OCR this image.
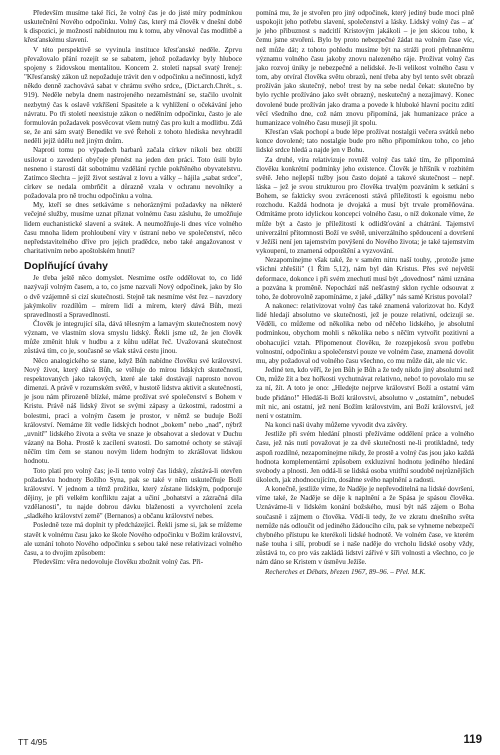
Především musíme také říci, že volný čas je do jisté míry podmínkou uskutečnění Nového odpočinku. Volný čas, který má člověk v dnešní době k dispozici, je možností nabídnutou mu k tomu, aby věnoval čas modlitbě a křesťanskému slavení.

V této perspektivě se vyvinula instituce křesťanské neděle. Zprvu převažovalo přání rozejít se se sabatem, jehož požadavky byly hluboce spojeny s židovskou mentalitou. Koncem 2. století napsal svatý Irenej: "Křesťanský zákon už nepožaduje trávit den v odpočinku a nečinnosti, když někdo denně zachovává sabat v chrámu svého srdce„ (Dict.arch.Chrét., s. 919). Neděle nebyla dnem nastrojeného nezaměstnání se, stačilo uvolnit nezbytný čas k oslavě vzkříšení Spasitele a k vyhlížení o očekávání jeho návratu. Po tři století neexistuje zákon o nedělním odpočinku, často je ale formulován požadavek posvěcovat všem nutný čas pro kult a modlitbu. Zdá se, že ani sám svatý Benedikt ve své Řeholi z tohoto hlediska nevyhradil neděli jejíž údělu než jiným dnům.

Naproti tomu po výpadech barbarů začala církev nikoli bez obtíží usilovat o zavedení obyčeje přenést na jeden den práci. Toto úsilí bylo nesneno i starostí dát sobotnímu vzdělání rychle pokřtěného obyvatelstvu. Zatímco šlechta – jejíž život sestával z lovu a války – hájila „sabat srdce", církev se nedala ombrňčit a důrazně vzala v ochranu nevolníky a požadovala pro ně trochu odpočinku a volna.

My, kteří se dnes setkáváme s nehoráznými požadavky na některé večejné služby, musíme uznat přiznat volnému času zásluhu, že umožňuje lidem euchanistické slavení a svátek. A neumožňuje-li dnes více volného času mnoha lidem prohloubení víry v ústraní nebo ve společenství, něco nepředstavitelného dříve pro jejich pradědce, nebo také angažovanost v charitativním nebo apoštolském hnutí?

Doplňující úvahy

Je třeba ještě něco domyslet. Nesmíme ostře oddělovat to, co lidé nazývají volným časem, a to, co jsme nazvali Nový odpočinek, jako by šlo o dvě vzájemně si cizí skutečnosti. Stejně tak nesmíme vést řez – navzdory jakýmkoliv rozdílům – mírem lidí a mírem, který dává Bůh, mezi spravedlností a Spravedlností.

Člověk je integrující síla, dává tělesným a lamavým skutečnostem nový význam, ve vlastním slova smyslu lidský. Řekli jsme už, že jen člověk může změnit hluk v hudbu a z kůhu udělat řeč. Uvažovaná skutečnost zůstává tím, co je, současně se však stává cestu jinou.

Něco analogického se stane, když Bůh nabídne člověku své království. Nový život, který dává Bůh, se vtěluje do mírou lidských skutečností, respektovaných jako takových, které ale také dostávají naprosto novou dimenzi. A právě v rozumském světě, v hustotě lidstva aktivit a skutečností, je jsou nám přirozeně blízké, máme prožívat své společenství s Bohem v Kristu. Právě náš lidský život se svými zápasy a úzkostmi, radostmi a bolestmi, prací a volným časem je prostor, v němž se buduje Boží království. Nemáme žít vedle lidských hodnot „bokem" nebo „nad", nýbrž „uvnitř" lidského života a světa ve snaze je obsahovat a sledovat v Duchu vázaný na Boha. Prostě k zacílení svatosti. Do samotné ochoty se stávají něčím tím čem se stanou novým lidem hodným to zkrášlovat lidskou hodnotu.

Toto platí pro volný čas; je-li tento volný čas lidský, zůstává-li otevřen požadavku hodnoty Božího Syna, pak se také v něm uskutečňuje Boží království. V jednom a témž prožitku, který zůstane lidským, podporuje dějiny, je při velkém konfliktu zajat a učiní „bohatství a zázračná díla vzdělanosti", tu najde dobrou dávku blaženosti a vyvrcholení zcela „sladkého království země" (Bernanos) a občanu království nebes.

Posledně teze má doplnit ty předcházející. Řekli jsme si, jak se můžeme stavět k volnému času jako ke škole Nového odpočinku v Božím království, ale uznání tohoto Nového odpočinku s sebou také nese relativizaci volného času, a to dvojím způsobem:

Především: věra nedovoluje člověku zbožnit volný čas. Při-

pomíná mu, že je stvořen pro jiný odpočinek, který jediný bude moci plně uspokojit jeho potřebu slavení, společenství a lásky. Lidský volný čas – ať je jeho přibuznost s nadcitlí Kristovým jakákoli – je jen skicou toho, k čemu jsme stvořeni. Bylo by proto nebezpečné žádat na volném čase víc, než může dát; z tohoto pohledu musíme být na stráži proti přehnaněmu významu volného času jakoby znovu nalezeného ráje. Prožívat volný čas jako rozvoj úniky je nebezpečné a nelidské. Je-li velikost volného času v tom, aby otvíral člověka světu obrazů, není třeba aby byl tento svět obrazů prožíván jako skutečný, nebo! trest by na sebe nedal čekat: skutečno by bylo rychle prožíváno jako svět obrazný, neskutečný a nezajímavý. Konec dovolené bude prožíván jako drama a povede k hluboké hlavní pocitu zdití věcí všedního dne, což nám znovu připomíná, jak humanizace práce a humanizace volného času musejí jít spolu.

Křesťan však pochopí a bude lépe prožívat nostalgii večera svátků nebo konce dovolené; tato nostalgie bude pro něho připomínkou toho, co jeho lidské srdce hledá a najde jen v Bohu.

Za druhé, víra relativizuje rovněž volný čas také tím, že připomíná člověku konkrétní podmínky jeho existence. Člověk je hříšník v rozbitém světě. Jeho nejlepší tužby jsou často dojaté a takové skutečnost – nepř. láska – jež je svou strukturou pro člověka trvalým pozváním k setkání s Bohem, se fakticky svou zvrácenosti stává příležitostí k egoismu nebo rozchodu. Každá hodnota je dvojaká a musí být trvale proměňována. Odmítáme proto idylickou koncepci volného času, o níž dokonale víme, že může být a často je příležitostí k odlidšťování a chátrání. Tajemství univerzální přítomnosti Boží ve světě, univerzálního spědoucení a dovršení v Ježíši není jen tajemstvím povýšení do Nového života; je také tajemstvím vykoupení, to znamená odpouštění a vyzvování.

Nezapomínejme však také, že v samém nitru naší touhy, ‚protože jsme všichni zhřešili" (1 Řím 5,12), nám byl dán Kristus. Přes své největší deformace, dokonce i při svém znechutí musí být „dovednost" námi uznána a pozvána k proměně. Nepochází náš nešťastný sklon rychle odsouvat z toho, že dobrovolně zapomínáme, z jaké „dálky" nás samé Kristus povolal?

A nakonec: relativizovat volný čas také znamená valorizovat ho. Když lidé hledají absolutno ve skutečnosti, jež je pouze relativní, odcizují se. Věděli, co můžeme od několika nebo od něčeho lidského, je absolutní podmínkou, obychom mohli s několika nebo s něčím vytvořit pozitivní a obohacující vztah. Připomenout člověku, že rozepjekosů svou potřebu volnostní, odpočinku a společenství pouze ve volném čase, znamená dovolit mu, aby požadoval od volného času všechno, co mu může dát, ale nic víc.

Jediné ten, kdo věří, že jen Bůh je Bůh a že tedy nikdo jiný absolutní než On, může žít a bez hořkosti vychutnávat relativno, nebo! to povolalo mu se za ní, žít. A toto je ono: „Hledejte nejprve království Boží a ostatní vám bude přidáno!" Hledáš-li Boží království, absolutno v „ostatním", nebudeš mít nic, ani ostatní, jež není Božím královstvím, ani Boží království, jež není v ostatním.

Na konci naší úvahy můžeme vyvodit dva závěry.

Jestliže při svém hledání plnosti přežíváme oddělení práce a volného času, jež nás nutí považovat je za dvě skutečnosti ne-li protikladné, tedy aspoň rozdílné, nezapomínejme nikdy, že prostě a volný čas jsou jako každá hodnota komplementární způsobem exkluzivní hodnotu jediného hledání svobody a plnosti. Jen oddá-li se lidská osoba vnitřní soudobě nejrůznějších úkolech, jak zhodnocujícím, dosáhne svého naplnění a radosti.

A konečně, jestliže víme, že Naděje je nepřevoditelná na lidské dovršení, víme také, že Naděje se děje k naplnění a že Spása je spásou člověka. Uznáváme-li v lidském konání božského, musí být náš zájem o Boha současně i zájmem o člověka. Vědí-li tedy, že ve zkratu dnešního světa nemůže nás odloučit od jediného žádoucího cílu, pak se vyhneme nebezpečí chybného přístupu ke kterékoli lidské hodnotě. Ve volném čase, ve kterém naše touha i sílí, probudí se i naše naděje do vrcholu lidské osoby vždy, zůstává to, co pro vás zakládá lidství zářivé v šíři volnosti a všechno, co je nám dáno se Kristem v úsměvu Ježíše.

Recherches et Débats, březen 1967, 89–96. – Přel. M.K.

TT 4/95	119
